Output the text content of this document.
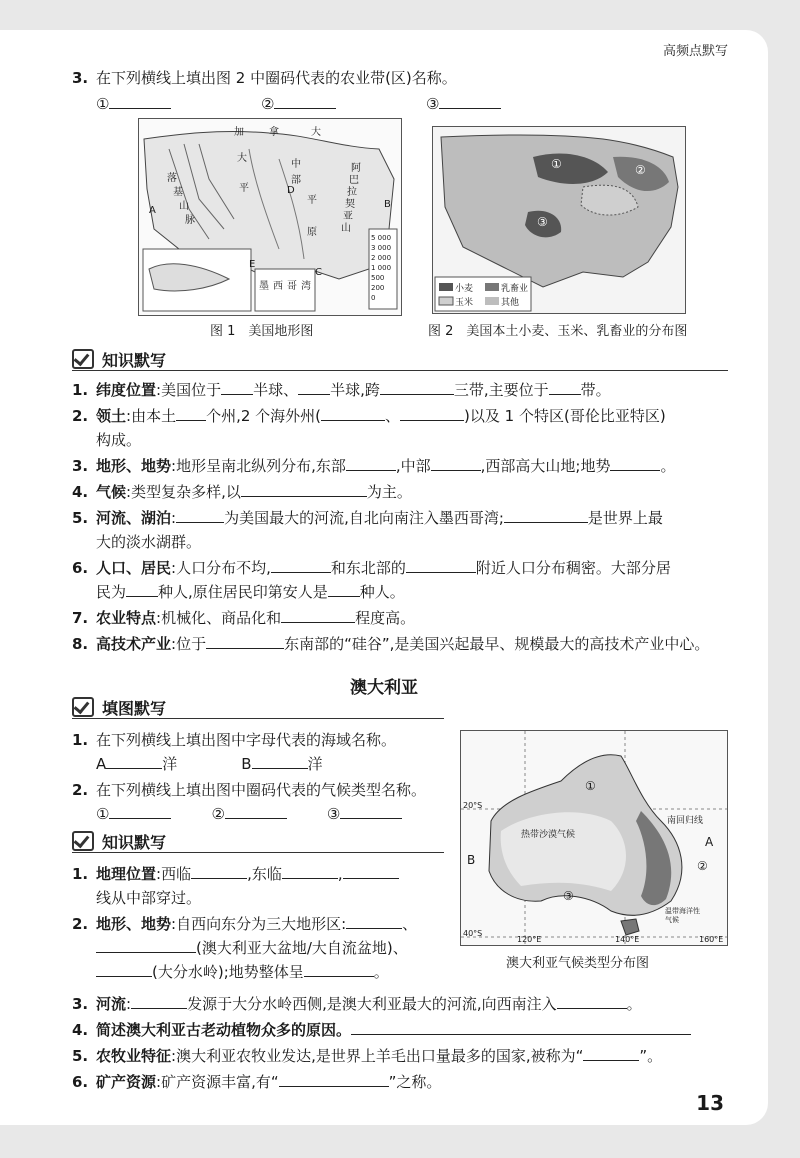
高频点默写
3. 在下列横线上填出图 2 中圈码代表的农业带(区)名称。
①	②	③
加	拿	大
中
部
平
原
平
大
A
B
C
D
E
落
基
山
脉
阿
巴
拉
契
亚
山
墨 西 哥 湾
5 000
3 000
2 000
1 000
500
200
0
图 1　美国地形图
小麦	乳畜业
玉米	其他
①	②
③
图 2　美国本土小麦、玉米、乳畜业的分布图
知识默写
1. 纬度位置:美国位于 半球、 半球,跨	三带,主要位于 带。
2. 领土:由本土 个州,2 个海外州(	、	)以及 1 个特区(哥伦比亚特区)
构成。
3. 地形、地势:地形呈南北纵列分布,东部	,中部	,西部高大山地;地势	。
4. 气候:类型复杂多样,以	为主。
5. 河流、湖泊:	为美国最大的河流,自北向南注入墨西哥湾;	是世界上最
大的淡水湖群。
6. 人口、居民:人口分布不均,	和东北部的	附近人口分布稠密。大部分居
民为 种人,原住居民印第安人是 种人。
7. 农业特点:机械化、商品化和	程度高。
8. 高技术产业:位于	东南部的“硅谷”,是美国兴起最早、规模最大的高技术产业中心。
澳大利亚
填图默写
1. 在下列横线上填出图中字母代表的海域名称。
A	洋	B	洋
2. 在下列横线上填出图中圈码代表的气候类型名称。
①	②	③
知识默写
1. 地理位置:西临	,东临	,
线从中部穿过。
2. 地形、地势:自西向东分为三大地形区:	、
(澳大利亚大盆地/大自流盆地)、
(大分水岭);地势整体呈	。
3. 河流:	发源于大分水岭西侧,是澳大利亚最大的河流,向西南注入	。
4. 简述澳大利亚古老动植物众多的原因。
5. 农牧业特征:澳大利亚农牧业发达,是世界上羊毛出口量最多的国家,被称为“	”。
6. 矿产资源:矿产资源丰富,有“	”之称。
20°S
40°S
120°E	140°E	160°E
南回归线
热带沙漠气候	A
B
①
②
③
温带海洋性气候
澳大利亚气候类型分布图
13
